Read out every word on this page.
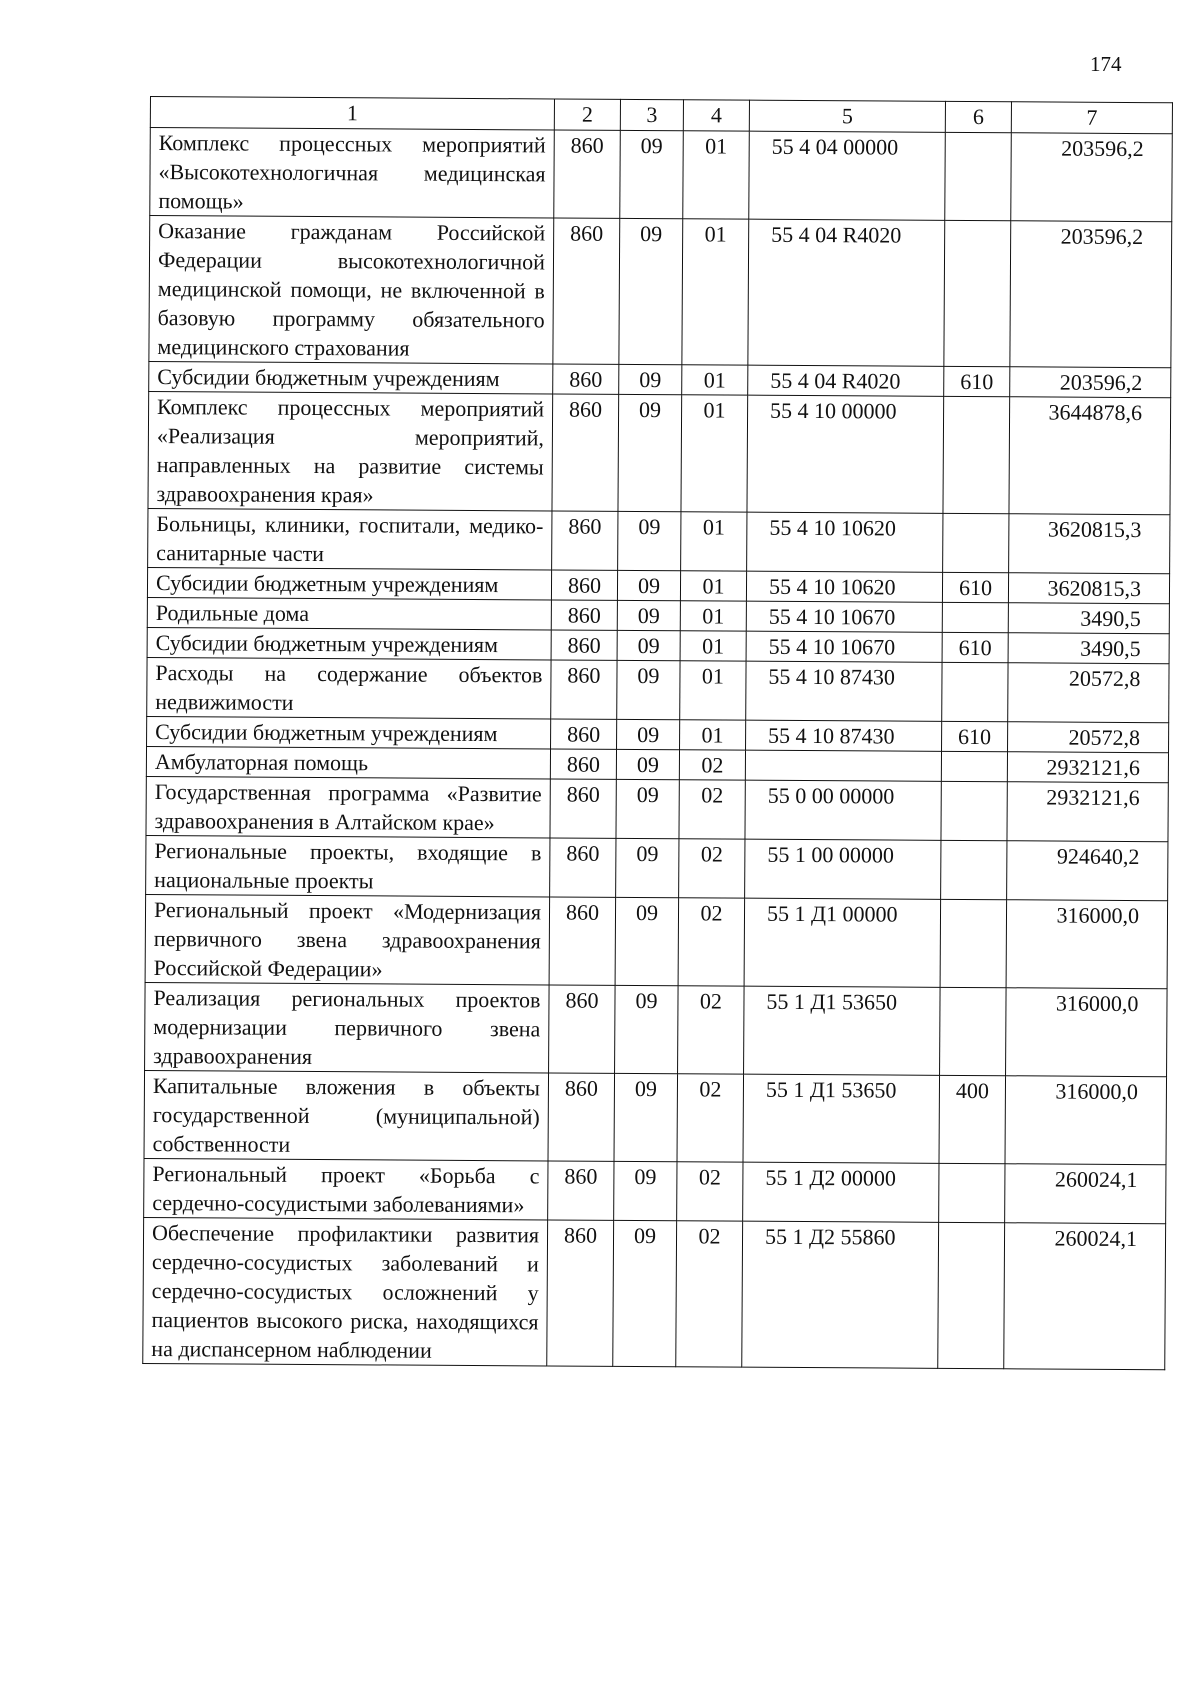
174
1	2	3	4	5	6	7
Комплекс процессных мероприятий «Высокотехнологичная медицинская помощь»	860	09	01	55 4 04 00000		203596,2
Оказание гражданам Российской Федерации высокотехнологичной медицинской помощи, не включенной в базовую программу обязательного медицинского страхования	860	09	01	55 4 04 R4020		203596,2
Субсидии бюджетным учреждениям	860	09	01	55 4 04 R4020	610	203596,2
Комплекс процессных мероприятий «Реализация мероприятий, направленных на развитие системы здравоохранения края»	860	09	01	55 4 10 00000		3644878,6
Больницы, клиники, госпитали, медико-санитарные части	860	09	01	55 4 10 10620		3620815,3
Субсидии бюджетным учреждениям	860	09	01	55 4 10 10620	610	3620815,3
Родильные дома	860	09	01	55 4 10 10670		3490,5
Субсидии бюджетным учреждениям	860	09	01	55 4 10 10670	610	3490,5
Расходы на содержание объектов недвижимости	860	09	01	55 4 10 87430		20572,8
Субсидии бюджетным учреждениям	860	09	01	55 4 10 87430	610	20572,8
Амбулаторная помощь	860	09	02			2932121,6
Государственная программа «Развитие здравоохранения в Алтайском крае»	860	09	02	55 0 00 00000		2932121,6
Региональные проекты, входящие в национальные проекты	860	09	02	55 1 00 00000		924640,2
Региональный проект «Модернизация первичного звена здравоохранения Российской Федерации»	860	09	02	55 1 Д1 00000		316000,0
Реализация региональных проектов модернизации первичного звена здравоохранения	860	09	02	55 1 Д1 53650		316000,0
Капитальные вложения в объекты государственной (муниципальной) собственности	860	09	02	55 1 Д1 53650	400	316000,0
Региональный проект «Борьба с сердечно-сосудистыми заболеваниями»	860	09	02	55 1 Д2 00000		260024,1
Обеспечение профилактики развития сердечно-сосудистых заболеваний и сердечно-сосудистых осложнений у пациентов высокого риска, находящихся на диспансерном наблюдении	860	09	02	55 1 Д2 55860		260024,1
